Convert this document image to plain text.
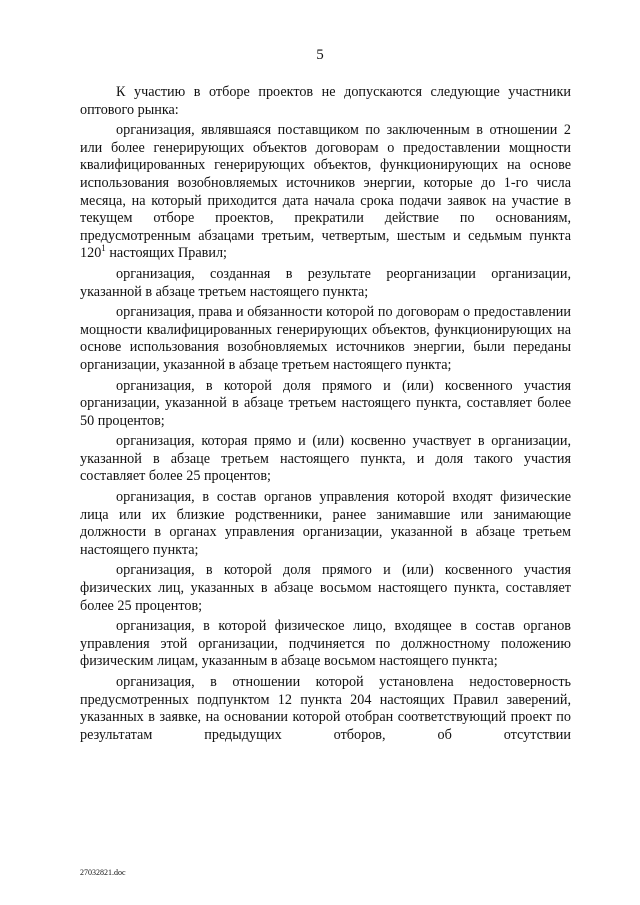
5

К участию в отборе проектов не допускаются следующие участники оптового рынка:

организация, являвшаяся поставщиком по заключенным в отношении 2 или более генерирующих объектов договорам о предоставлении мощности квалифицированных генерирующих объектов, функционирующих на основе использования возобновляемых источников энергии, которые до 1-го числа месяца, на который приходится дата начала срока подачи заявок на участие в текущем отборе проектов, прекратили действие по основаниям, предусмотренным абзацами третьим, четвертым, шестым и седьмым пункта $120^1$ настоящих Правил;

организация, созданная в результате реорганизации организации, указанной в абзаце третьем настоящего пункта;

организация, права и обязанности которой по договорам о предоставлении мощности квалифицированных генерирующих объектов, функционирующих на основе использования возобновляемых источников энергии, были переданы организации, указанной в абзаце третьем настоящего пункта;

организация, в которой доля прямого и (или) косвенного участия организации, указанной в абзаце третьем настоящего пункта, составляет более 50 процентов;

организация, которая прямо и (или) косвенно участвует в организации, указанной в абзаце третьем настоящего пункта, и доля такого участия составляет более 25 процентов;

организация, в состав органов управления которой входят физические лица или их близкие родственники, ранее занимавшие или занимающие должности в органах управления организации, указанной в абзаце третьем настоящего пункта;

организация, в которой доля прямого и (или) косвенного участия физических лиц, указанных в абзаце восьмом настоящего пункта, составляет более 25 процентов;

организация, в которой физическое лицо, входящее в состав органов управления этой организации, подчиняется по должностному положению физическим лицам, указанным в абзаце восьмом настоящего пункта;

организация, в отношении которой установлена недостоверность предусмотренных подпунктом 12 пункта 204 настоящих Правил заверений, указанных в заявке, на основании которой отобран соответствующий проект по результатам предыдущих отборов, об отсутствии

27032821.doc
